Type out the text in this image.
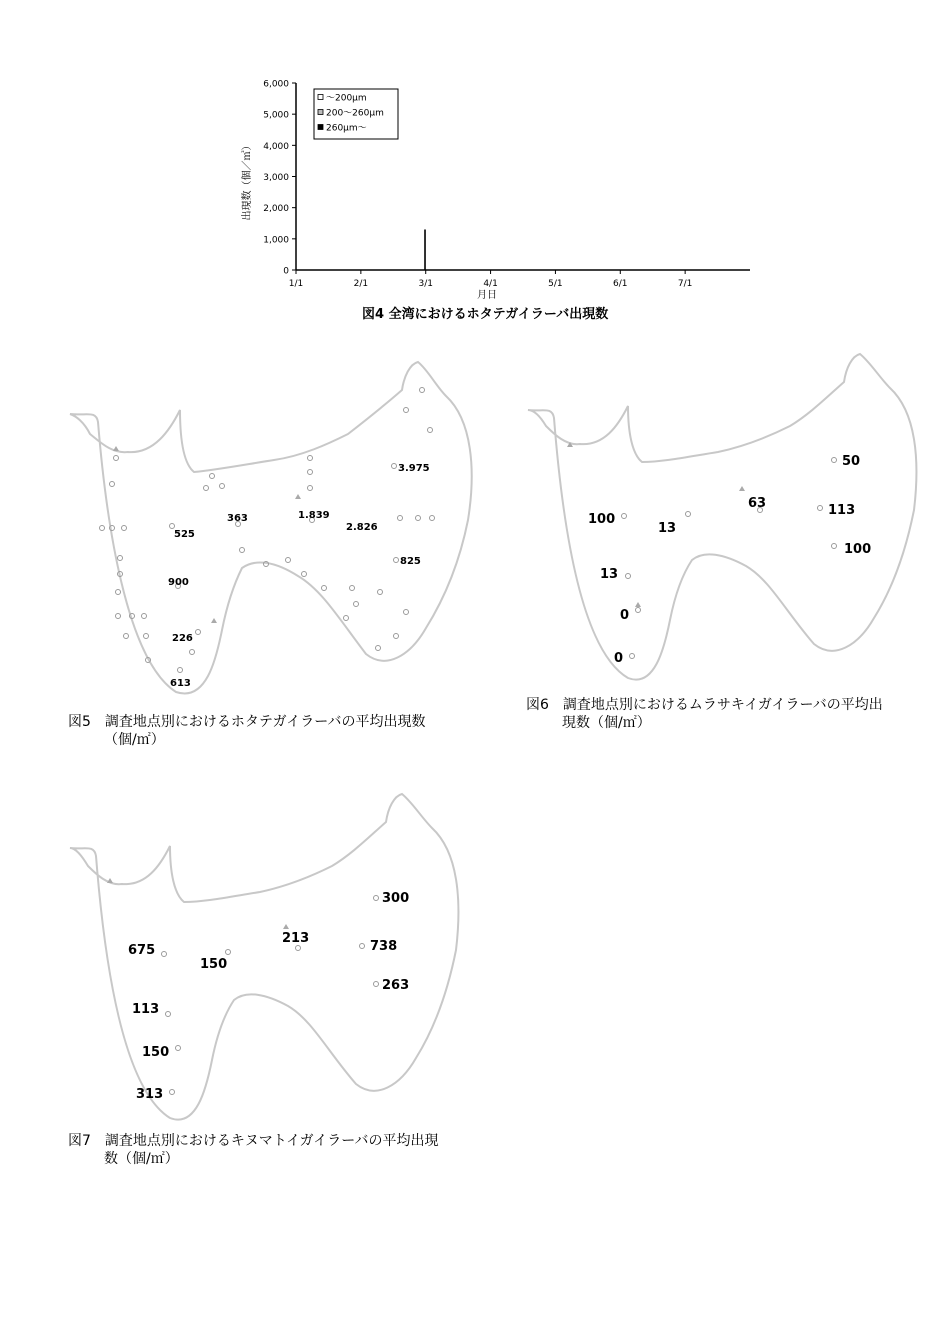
0
1,000
2,000
3,000
4,000
5,000
6,000
1/1	2/1	3/1	4/1	5/1	6/1	7/1
月日
出現数（個／㎡）
～200μm
200～260μm
260μm～
図4 全湾におけるホタテガイラーバ出現数
3.975
1.839
2.826
363
525
825
900
226
613
図5　調査地点別におけるホタテガイラーバの平均出現数
（個/㎡）
50
63	113
100
100
13
13
0
0
図6　調査地点別におけるムラサキイガイラーバの平均出
現数（個/㎡）
300
213
738
675
150
263
113
150
313
図7　調査地点別におけるキヌマトイガイラーバの平均出現
数（個/㎡）
